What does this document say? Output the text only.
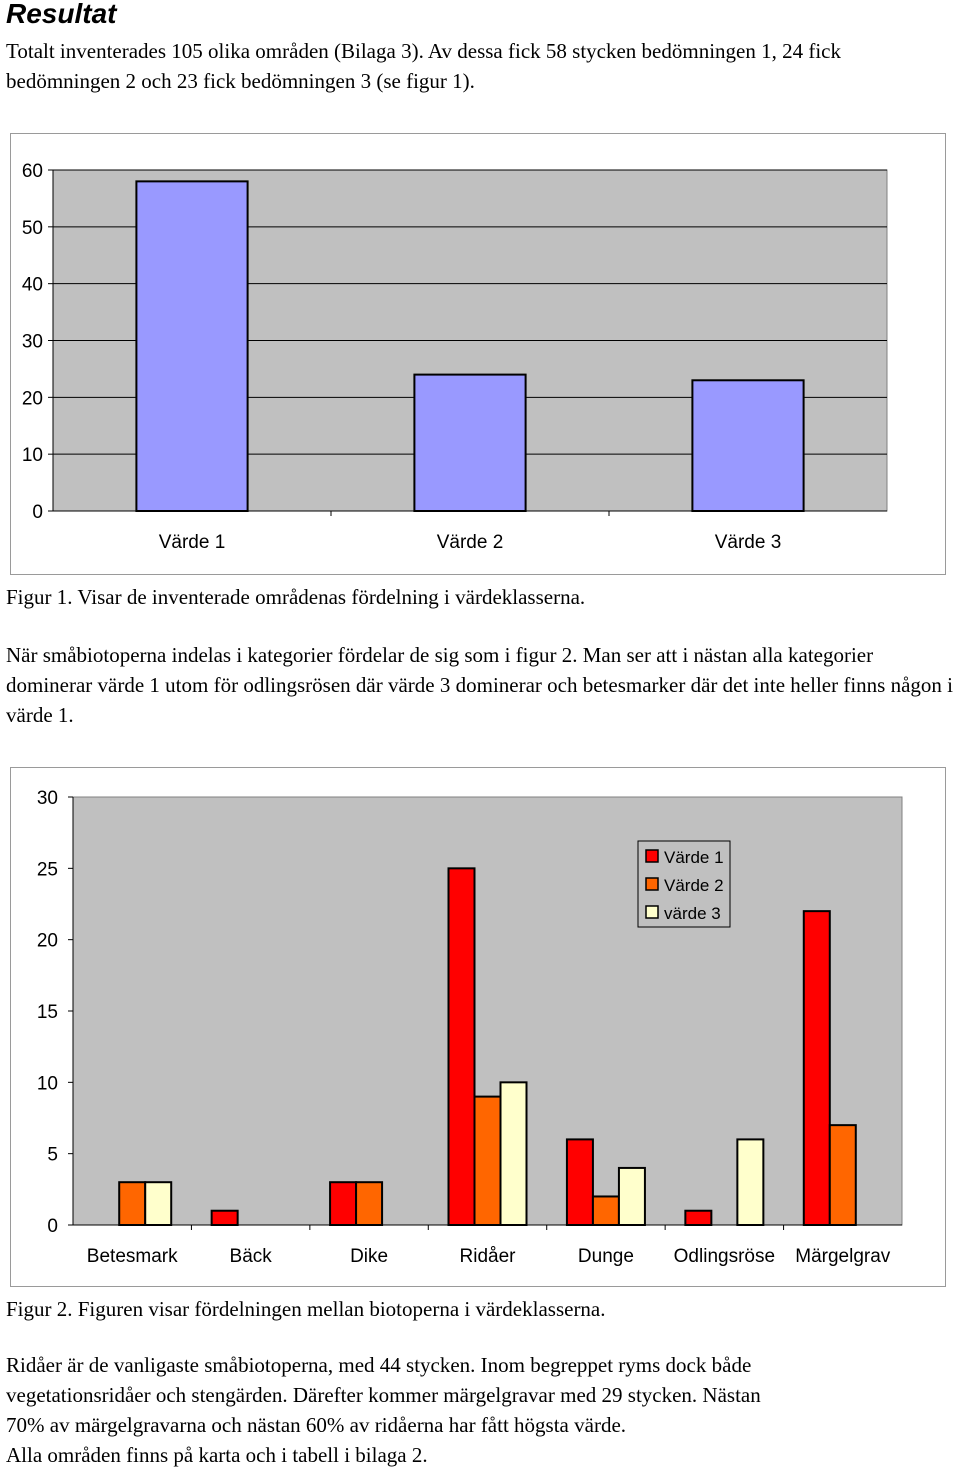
Resultat

Totalt inventerades 105 olika områden (Bilaga 3). Av dessa fick 58 stycken bedömningen 1, 24 fick bedömningen 2 och 23 fick bedömningen 3 (se figur 1).

0
10
20
30
40
50
60
Värde 1	Värde 2	Värde 3

Figur 1. Visar de inventerade områdenas fördelning i värdeklasserna.

När småbiotoperna indelas i kategorier fördelar de sig som i figur 2. Man ser att i nästan alla kategorier dominerar värde 1 utom för odlingsrösen där värde 3 dominerar och betesmarker där det inte heller finns någon i värde 1.

0
5
10
15
20
25
30
Betesmark	Bäck	Dike	Ridåer	Dunge Odlingsröse Märgelgrav
Värde 1
Värde 2
värde 3

Figur 2. Figuren visar fördelningen mellan biotoperna i värdeklasserna.

Ridåer är de vanligaste småbiotoperna, med 44 stycken. Inom begreppet ryms dock både
vegetationsridåer och stengärden. Därefter kommer märgelgravar med 29 stycken. Nästan
70% av märgelgravarna och nästan 60% av ridåerna har fått högsta värde.
Alla områden finns på karta och i tabell i bilaga 2.
